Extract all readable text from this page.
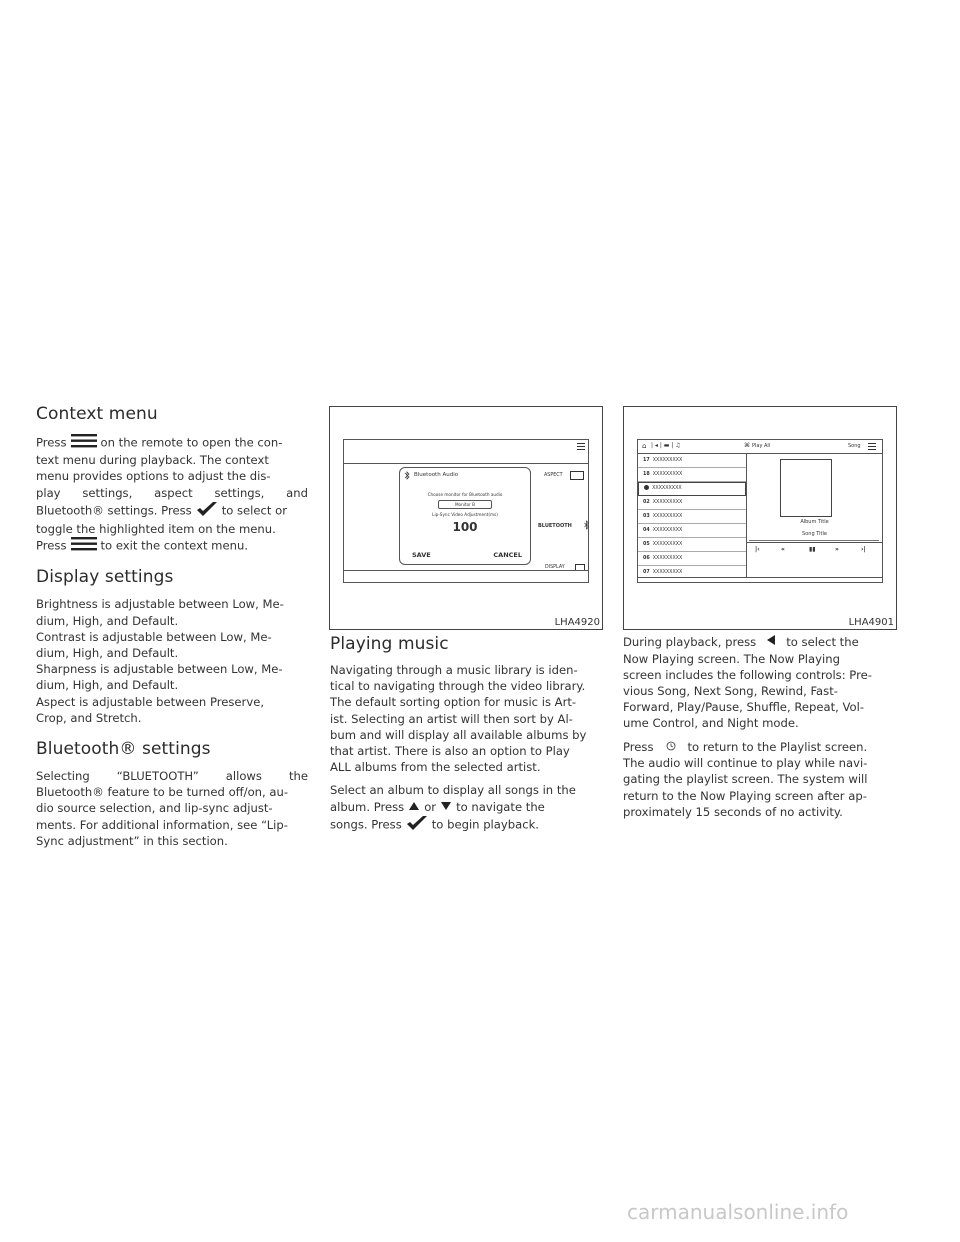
Context menu

Press	on the remote to open the con-

text menu during playback. The context

menu provides options to adjust the dis-

play settings, aspect settings, and

Bluetooth® settings. Press	to select or

toggle the highlighted item on the menu.

Press	to exit the context menu.

Display settings

Brightness is adjustable between Low, Me-

dium, High, and Default.

Contrast is adjustable between Low, Me-

dium, High, and Default.

Sharpness is adjustable between Low, Me-

dium, High, and Default.

Aspect is adjustable between Preserve,

Crop, and Stretch.

Bluetooth® settings

Selecting “BLUETOOTH” allows the

Bluetooth® feature to be turned off/on, au-

dio source selection, and lip-sync adjust-

ments. For additional information, see “Lip-

Sync adjustment” in this section.

Bluetooth Audio
Choose monitor for Bluetooth audio
Monitor B
Lip-Sync Video Adjustment(ms)
100
SAVE	CANCEL
ASPECT
BLUETOOTH
DISPLAY
LHA4920
Playing music

Navigating through a music library is iden-

tical to navigating through the video library.

The default sorting option for music is Art-

ist. Selecting an artist will then sort by Al-

bum and will display all available albums by

that artist. There is also an option to Play

ALL albums from the selected artist.

Select an album to display all songs in the

album. Press or to navigate the

songs. Press	to begin playback.

⌂ | ◂ | ▬ | ♫	⌘ Play All	Song
17 XXXXXXXXX
18 XXXXXXXXX
XXXXXXXXX
02 XXXXXXXXX
03 XXXXXXXXX
04 XXXXXXXXX
05 XXXXXXXXX
06 XXXXXXXXX
07 XXXXXXXXX
Album Title
Song Title
|‹	«	▮▮	»	›|
LHA4901

During playback, press	to select the

Now Playing screen. The Now Playing

screen includes the following controls: Pre-

vious Song, Next Song, Rewind, Fast-

Forward, Play/Pause, Shuffle, Repeat, Vol-

ume Control, and Night mode.

Press	to return to the Playlist screen.

The audio will continue to play while navi-

gating the playlist screen. The system will

return to the Now Playing screen after ap-

proximately 15 seconds of no activity.

carmanualsonline.info
